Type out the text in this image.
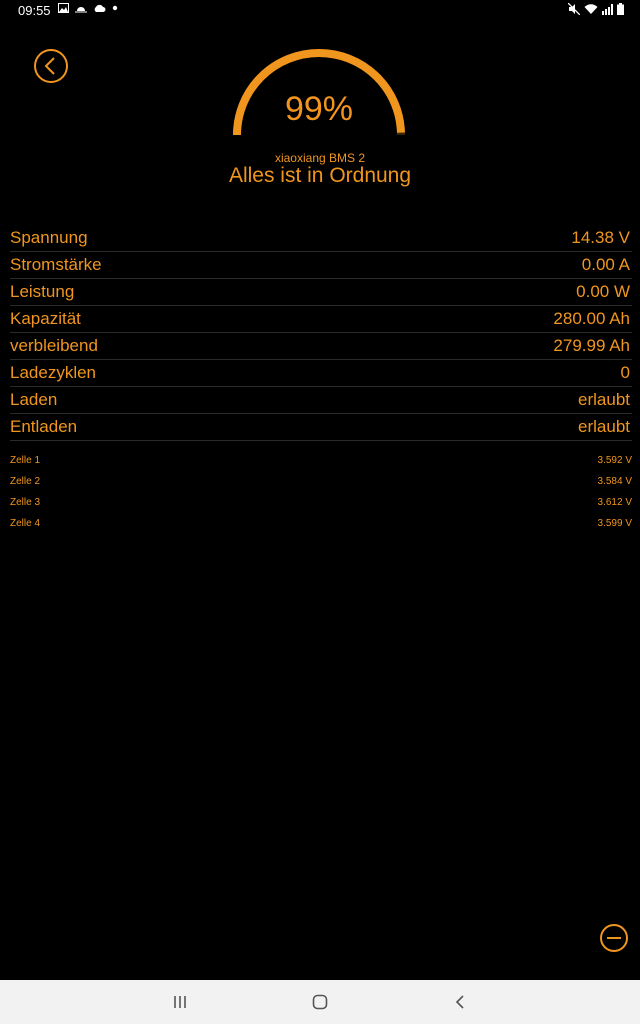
09:55
99%
xiaoxiang BMS 2
Alles ist in Ordnung
Spannung	14.38 V
Stromstärke	0.00 A
Leistung	0.00 W
Kapazität	280.00 Ah
verbleibend	279.99 Ah
Ladezyklen	0
Laden	erlaubt
Entladen	erlaubt
Zelle 1	3.592 V
Zelle 2	3.584 V
Zelle 3	3.612 V
Zelle 4	3.599 V
